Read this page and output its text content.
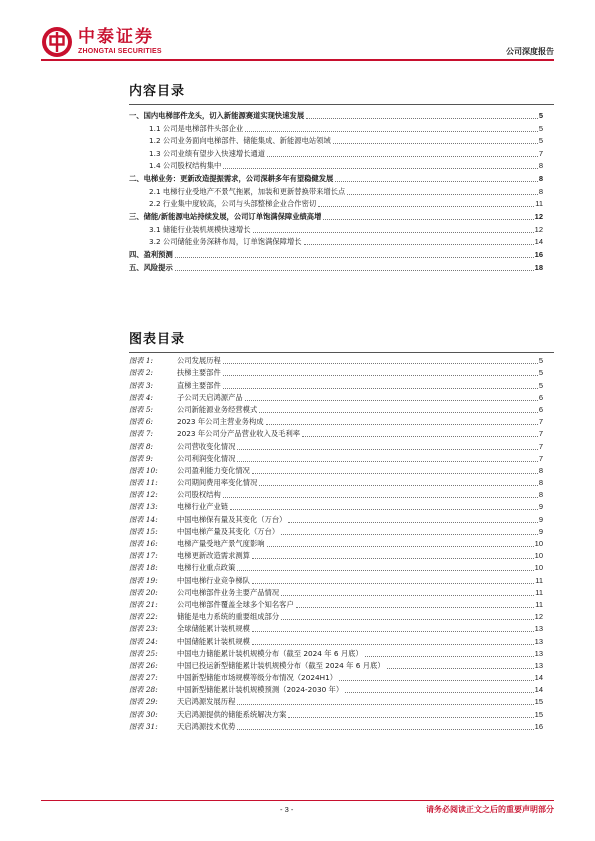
中泰证券
ZHONGTAI SECURITIES	公司深度报告
内容目录
一、国内电梯部件龙头，切入新能源赛道实现快速发展	5
1.1 公司是电梯部件头部企业	5
1.2 公司业务面向电梯部件、储能集成、新能源电站领域	5
1.3 公司业绩有望步入快速增长通道	7
1.4 公司股权结构集中	8
二、电梯业务：更新改造提振需求，公司深耕多年有望稳健发展	8
2.1 电梯行业受地产不景气拖累，加装和更新替换带来增长点	8
2.2 行业集中度较高，公司与头部整梯企业合作密切	11
三、储能/新能源电站持续发展，公司订单饱满保障业绩高增	12
3.1 储能行业装机规模快速增长	12
3.2 公司储能业务深耕布局，订单饱满保障增长	14
四、盈利预测	16
五、风险提示	18
图表目录
图表 1:	公司发展历程	5
图表 2:	扶梯主要部件	5
图表 3:	直梯主要部件	5
图表 4:	子公司天启鸿源产品	6
图表 5:	公司新能源业务经营模式	6
图表 6:	2023 年公司主营业务构成	7
图表 7:	2023 年公司分产品营业收入及毛利率	7
图表 8:	公司营收变化情况	7
图表 9:	公司利润变化情况	7
图表 10:	公司盈利能力变化情况	8
图表 11:	公司期间费用率变化情况	8
图表 12:	公司股权结构	8
图表 13:	电梯行业产业链	9
图表 14:	中国电梯保有量及其变化（万台）	9
图表 15:	中国电梯产量及其变化（万台）	9
图表 16:	电梯产量受地产景气度影响	10
图表 17:	电梯更新改造需求测算	10
图表 18:	电梯行业重点政策	10
图表 19:	中国电梯行业竞争梯队	11
图表 20:	公司电梯部件业务主要产品情况	11
图表 21:	公司电梯部件覆盖全球多个知名客户	11
图表 22:	储能是电力系统的重要组成部分	12
图表 23:	全球储能累计装机规模	13
图表 24:	中国储能累计装机规模	13
图表 25:	中国电力储能累计装机规模分布（截至 2024 年 6 月底）	13
图表 26:	中国已投运新型储能累计装机规模分布（截至 2024 年 6 月底）	13
图表 27:	中国新型储能市场规模等级分布情况（2024H1）	14
图表 28:	中国新型储能累计装机规模预测（2024-2030 年）	14
图表 29:	天启鸿源发展历程	15
图表 30:	天启鸿源提供的储能系统解决方案	15
图表 31:	天启鸿源技术优势	16
- 3 -	请务必阅读正文之后的重要声明部分
